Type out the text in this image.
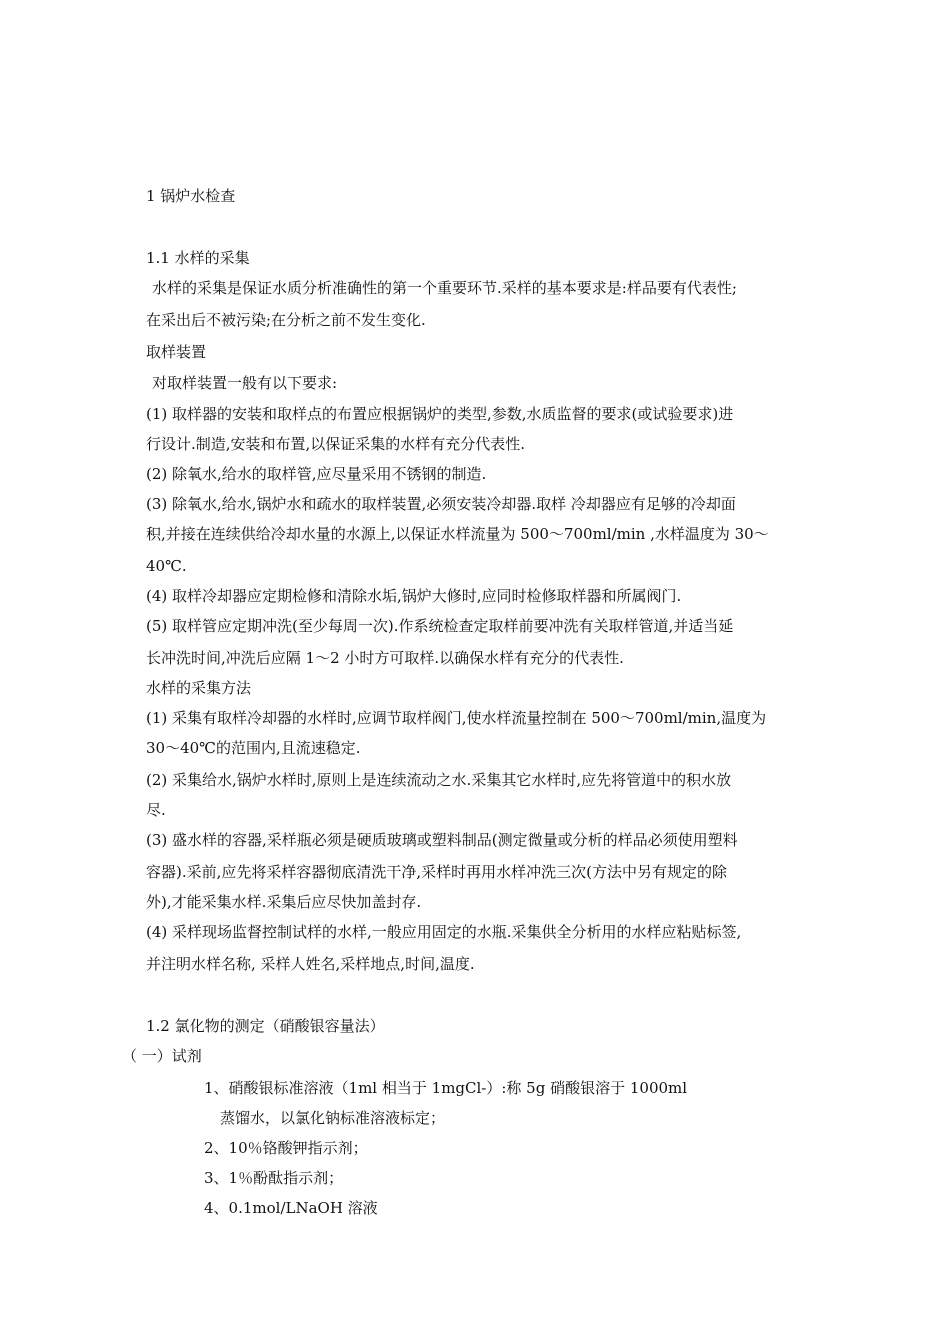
1 锅炉水检查
1.1 水样的采集
水样的采集是保证水质分析准确性的第一个重要环节.采样的基本要求是:样品要有代表性;
在采出后不被污染;在分析之前不发生变化.
取样装置
对取样装置一般有以下要求:
(1) 取样器的安装和取样点的布置应根据锅炉的类型,参数,水质监督的要求(或试验要求)进
行设计.制造,安装和布置,以保证采集的水样有充分代表性.
(2) 除氧水,给水的取样管,应尽量采用不锈钢的制造.
(3) 除氧水,给水,锅炉水和疏水的取样装置,必须安装冷却器.取样 冷却器应有足够的冷却面
积,并接在连续供给冷却水量的水源上,以保证水样流量为 500～700ml/min ,水样温度为 30～
40℃.
(4) 取样冷却器应定期检修和清除水垢,锅炉大修时,应同时检修取样器和所属阀门.
(5) 取样管应定期冲洗(至少每周一次).作系统检查定取样前要冲洗有关取样管道,并适当延
长冲洗时间,冲洗后应隔 1～2 小时方可取样.以确保水样有充分的代表性.
水样的采集方法
(1) 采集有取样冷却器的水样时,应调节取样阀门,使水样流量控制在 500～700ml/min,温度为
30～40℃的范围内,且流速稳定.
(2) 采集给水,锅炉水样时,原则上是连续流动之水.采集其它水样时,应先将管道中的积水放
尽.
(3) 盛水样的容器,采样瓶必须是硬质玻璃或塑料制品(测定微量或分析的样品必须使用塑料
容器).采前,应先将采样容器彻底清洗干净,采样时再用水样冲洗三次(方法中另有规定的除
外),才能采集水样.采集后应尽快加盖封存.
(4) 采样现场监督控制试样的水样,一般应用固定的水瓶.采集供全分析用的水样应粘贴标签,
并注明水样名称, 采样人姓名,采样地点,时间,温度.
1.2 氯化物的测定（硝酸银容量法）
（ 一）试剂
1、硝酸银标准溶液（1ml 相当于 1mgCl-）:称 5g 硝酸银溶于 1000ml
蒸馏水，以氯化钠标准溶液标定；
2、10％铬酸钾指示剂；
3、1％酚酞指示剂；
4、0.1mol/LNaOH 溶液
